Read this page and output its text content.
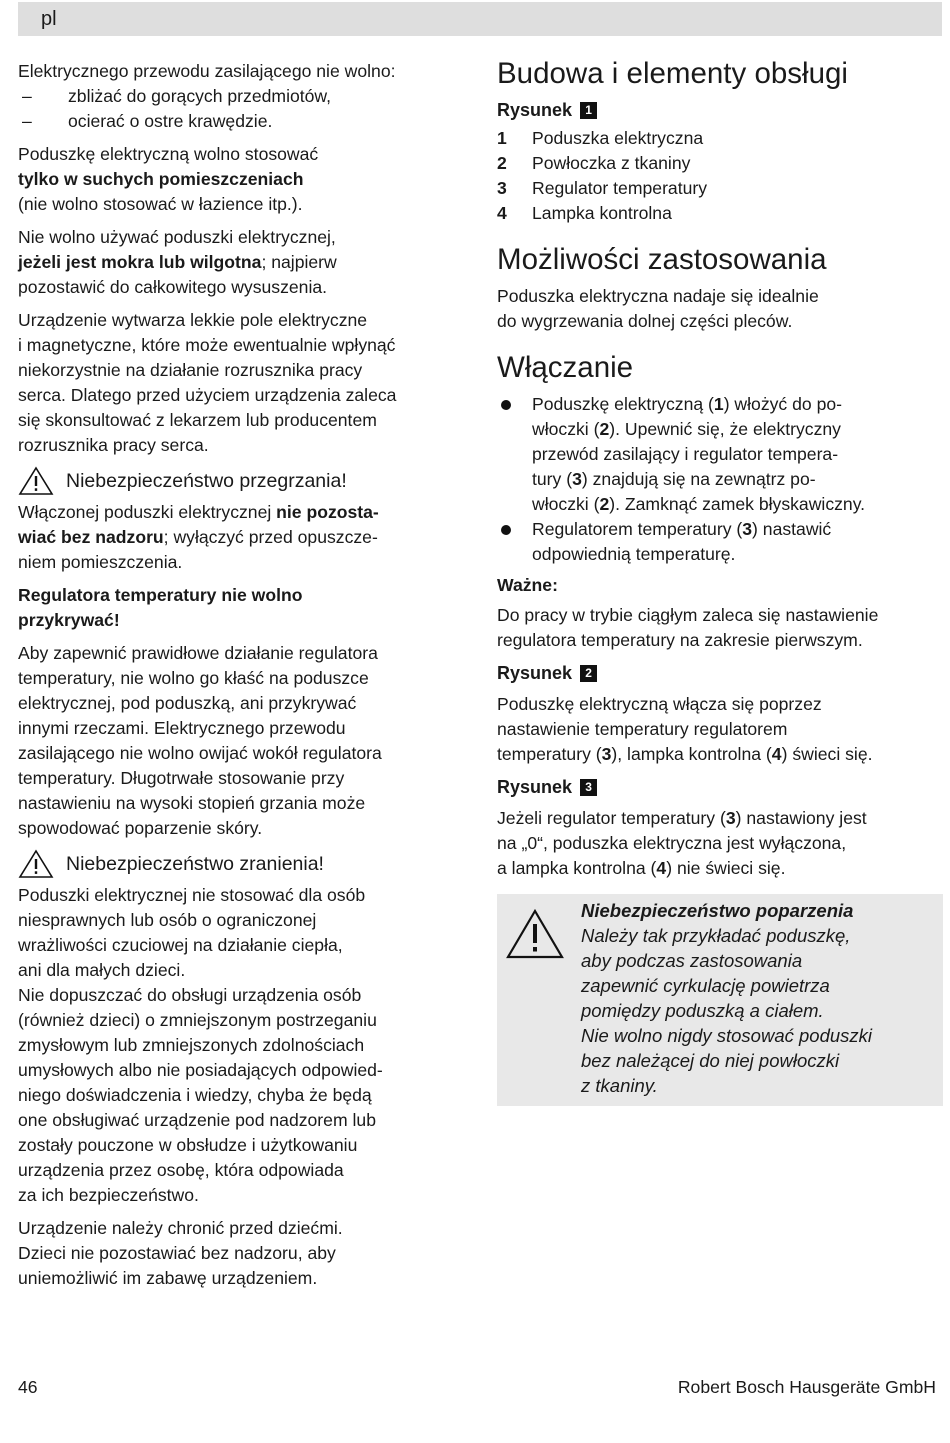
pl

Elektrycznego przewodu zasilającego nie wolno:

–	zbliżać do gorących przedmiotów,
–	ocierać o ostre krawędzie.

Poduszkę elektryczną wolno stosować
tylko w suchych pomieszczeniach
(nie wolno stosować w łazience itp.).

Nie wolno używać poduszki elektrycznej,
jeżeli jest mokra lub wilgotna; najpierw
pozostawić do całkowitego wysuszenia.

Urządzenie wytwarza lekkie pole elektryczne
i magnetyczne, które może ewentualnie wpłynąć
niekorzystnie na działanie rozrusznika pracy
serca. Dlatego przed użyciem urządzenia zaleca
się skonsultować z lekarzem lub producentem
rozrusznika pracy serca.

Niebezpieczeństwo przegrzania!

Włączonej poduszki elektrycznej nie pozosta-
wiać bez nadzoru; wyłączyć przed opuszcze-
niem pomieszczenia.

Regulatora temperatury nie wolno
przykrywać!

Aby zapewnić prawidłowe działanie regulatora
temperatury, nie wolno go kłaść na poduszce
elektrycznej, pod poduszką, ani przykrywać
innymi rzeczami. Elektrycznego przewodu
zasilającego nie wolno owijać wokół regulatora
temperatury. Długotrwałe stosowanie przy
nastawieniu na wysoki stopień grzania może
spowodować poparzenie skóry.

Niebezpieczeństwo zranienia!

Poduszki elektrycznej nie stosować dla osób
niesprawnych lub osób o ograniczonej
wrażliwości czuciowej na działanie ciepła,
ani dla małych dzieci.

Nie dopuszczać do obsługi urządzenia osób
(również dzieci) o zmniejszonym postrzeganiu
zmysłowym lub zmniejszonych zdolnościach
umysłowych albo nie posiadających odpowied-
niego doświadczenia i wiedzy, chyba że będą
one obsługiwać urządzenie pod nadzorem lub
zostały pouczone w obsłudze i użytkowaniu
urządzenia przez osobę, która odpowiada
za ich bezpieczeństwo.

Urządzenie należy chronić przed dziećmi.
Dzieci nie pozostawiać bez nadzoru, aby
uniemożliwić im zabawę urządzeniem.

Budowa i elementy obsługi
Rysunek	1
1	Poduszka elektryczna
2	Powłoczka z tkaniny
3	Regulator temperatury
4	Lampka kontrolna
Możliwości zastosowania

Poduszka elektryczna nadaje się idealnie
do wygrzewania dolnej części pleców.

Włączanie
Poduszkę elektryczną (1) włożyć do po-
włoczki (2). Upewnić się, że elektryczny
przewód zasilający i regulator tempera-
tury (3) znajdują się na zewnątrz po-
włoczki (2). Zamknąć zamek błyskawiczny.
Regulatorem temperatury (3) nastawić
odpowiednią temperaturę.

Ważne:

Do pracy w trybie ciągłym zaleca się nastawienie
regulatora temperatury na zakresie pierwszym.

Rysunek	2

Poduszkę elektryczną włącza się poprzez
nastawienie temperatury regulatorem
temperatury (3), lampka kontrolna (4) świeci się.

Rysunek	3

Jeżeli regulator temperatury (3) nastawiony jest
na „0“, poduszka elektryczna jest wyłączona,
a lampka kontrolna (4) nie świeci się.

Niebezpieczeństwo poparzenia
Należy tak przykładać poduszkę,
aby podczas zastosowania
zapewnić cyrkulację powietrza
pomiędzy poduszką a ciałem.
Nie wolno nigdy stosować poduszki
bez należącej do niej powłoczki
z tkaniny.
46	Robert Bosch Hausgeräte GmbH
